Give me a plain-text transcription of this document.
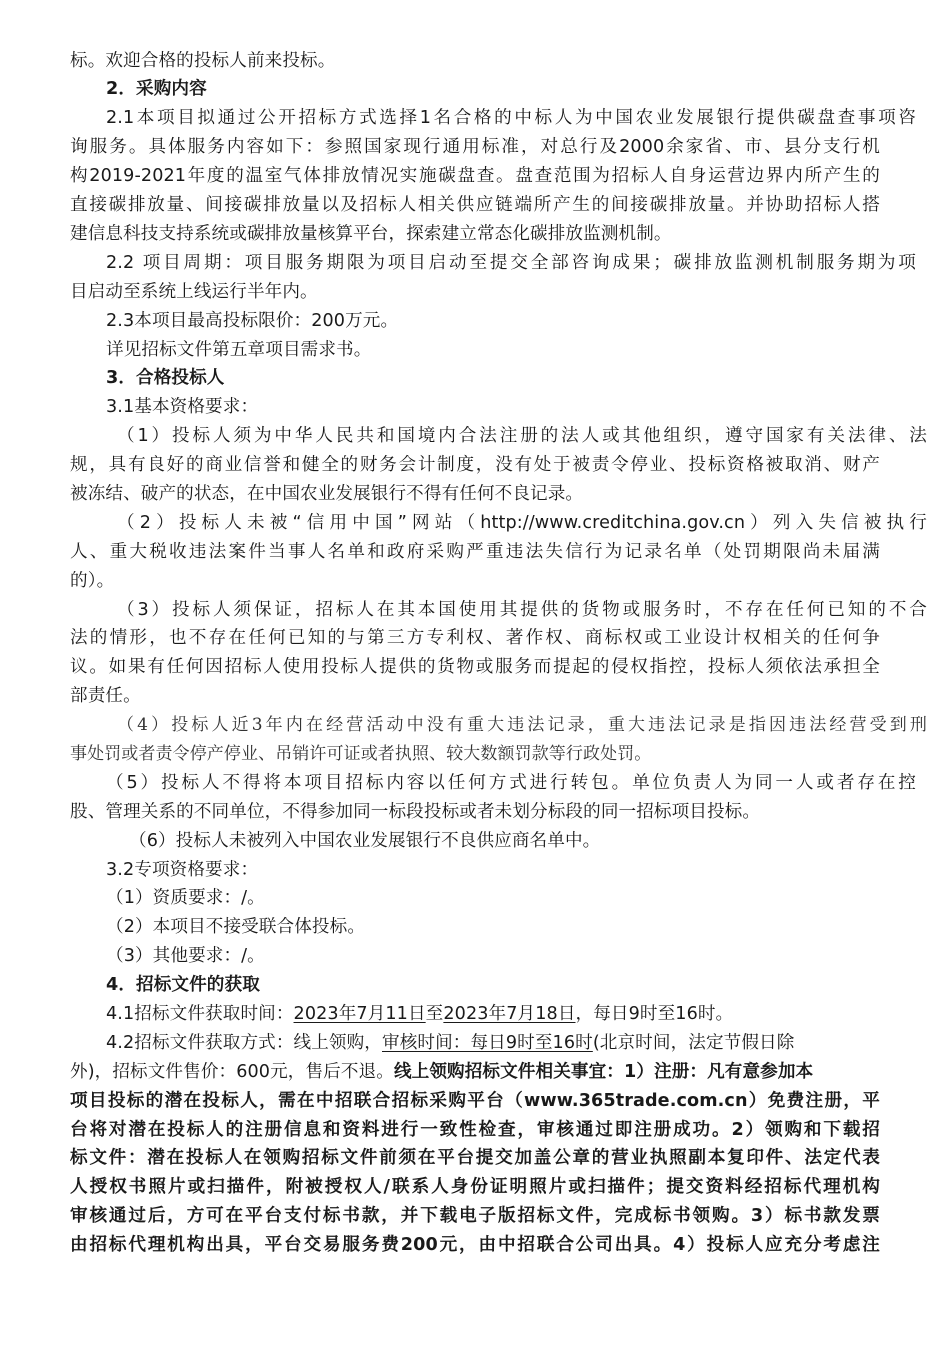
标。欢迎合格的投标人前来投标。

2．采购内容

2.1本项目拟通过公开招标方式选择1名合格的中标人为中国农业发展银行提供碳盘查事项咨

询服务。具体服务内容如下：参照国家现行通用标准，对总行及2000余家省、市、县分支行机

构2019-2021年度的温室气体排放情况实施碳盘查。盘查范围为招标人自身运营边界内所产生的

直接碳排放量、间接碳排放量以及招标人相关供应链端所产生的间接碳排放量。并协助招标人搭

建信息科技支持系统或碳排放量核算平台，探索建立常态化碳排放监测机制。

2.2 项目周期：项目服务期限为项目启动至提交全部咨询成果；碳排放监测机制服务期为项

目启动至系统上线运行半年内。

2.3本项目最高投标限价：200万元。

详见招标文件第五章项目需求书。

3．合格投标人

3.1基本资格要求：

（1）投标人须为中华人民共和国境内合法注册的法人或其他组织，遵守国家有关法律、法

规，具有良好的商业信誉和健全的财务会计制度，没有处于被责令停业、投标资格被取消、财产

被冻结、破产的状态，在中国农业发展银行不得有任何不良记录。

（2）投标人未被“信用中国”网站（http://www.creditchina.gov.cn）列入失信被执行

人、重大税收违法案件当事人名单和政府采购严重违法失信行为记录名单（处罚期限尚未届满

的）。

（3）投标人须保证，招标人在其本国使用其提供的货物或服务时，不存在任何已知的不合

法的情形，也不存在任何已知的与第三方专利权、著作权、商标权或工业设计权相关的任何争

议。如果有任何因招标人使用投标人提供的货物或服务而提起的侵权指控，投标人须依法承担全

部责任。

（4）投标人近3年内在经营活动中没有重大违法记录，重大违法记录是指因违法经营受到刑

事处罚或者责令停产停业、吊销许可证或者执照、较大数额罚款等行政处罚。

（5）投标人不得将本项目招标内容以任何方式进行转包。单位负责人为同一人或者存在控

股、管理关系的不同单位，不得参加同一标段投标或者未划分标段的同一招标项目投标。

（6）投标人未被列入中国农业发展银行不良供应商名单中。

3.2专项资格要求：

（1）资质要求：/。

（2）本项目不接受联合体投标。

（3）其他要求：/。

4．招标文件的获取

4.1招标文件获取时间：2023年7月11日至2023年7月18日，每日9时至16时。

4.2招标文件获取方式：线上领购，审核时间：每日9时至16时(北京时间，法定节假日除

外)，招标文件售价：600元，售后不退。线上领购招标文件相关事宜：1）注册：凡有意参加本

项目投标的潜在投标人，需在中招联合招标采购平台（www.365trade.com.cn）免费注册，平

台将对潜在投标人的注册信息和资料进行一致性检查，审核通过即注册成功。2）领购和下载招

标文件：潜在投标人在领购招标文件前须在平台提交加盖公章的营业执照副本复印件、法定代表

人授权书照片或扫描件，附被授权人/联系人身份证明照片或扫描件；提交资料经招标代理机构

审核通过后，方可在平台支付标书款，并下载电子版招标文件，完成标书领购。3）标书款发票

由招标代理机构出具，平台交易服务费200元，由中招联合公司出具。4）投标人应充分考虑注
